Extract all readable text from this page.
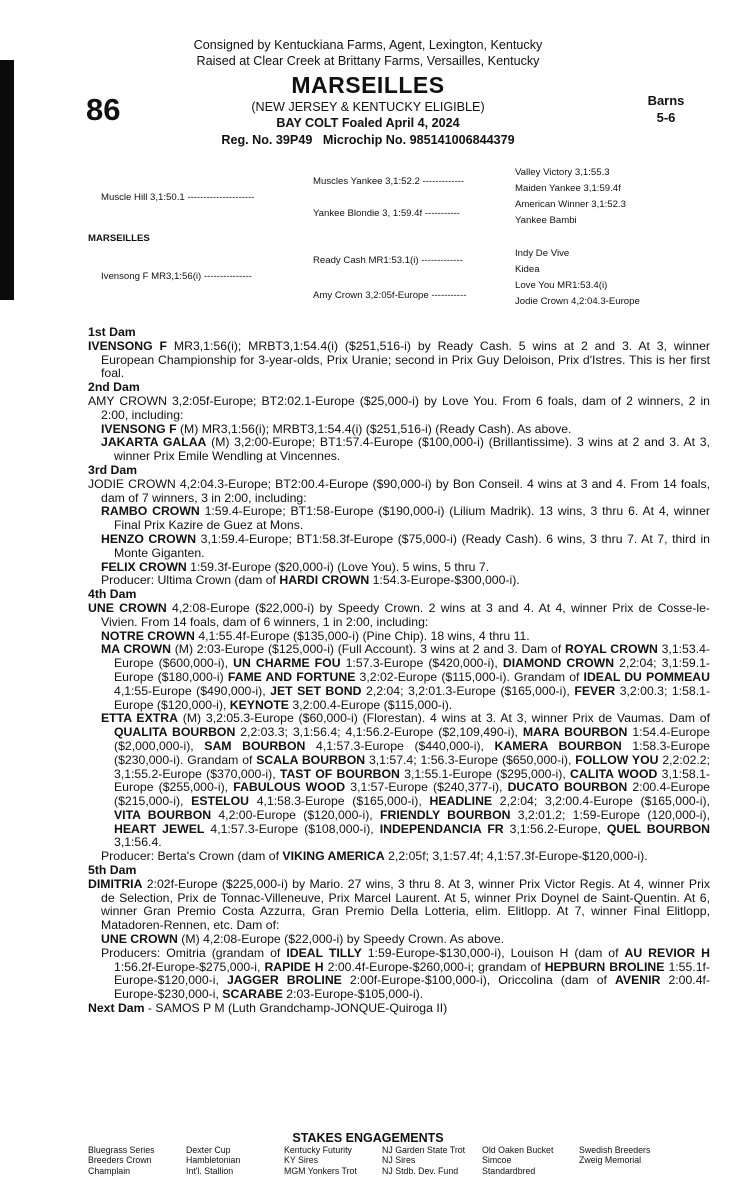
Consigned by Kentuckiana Farms, Agent, Lexington, Kentucky
Raised at Clear Creek at Brittany Farms, Versailles, Kentucky
86
MARSEILLES
(NEW JERSEY & KENTUCKY ELIGIBLE)
BAY COLT Foaled April 4, 2024
Reg. No. 39P49   Microchip No. 985141006844379
Barns
5-6
Muscle Hill 3,1:50.1 ---------------------
MARSEILLES
Ivensong F MR3,1:56(i) ---------------
Muscles Yankee 3,1:52.2 -------------
Yankee Blondie 3, 1:59.4f -----------
Ready Cash MR1:53.1(i) -------------
Amy Crown 3,2:05f-Europe -----------
Valley Victory 3,1:55.3
Maiden Yankee 3,1:59.4f
American Winner 3,1:52.3
Yankee Bambi
Indy De Vive
Kidea
Love You MR1:53.4(i)
Jodie Crown 4,2:04.3-Europe
1st Dam

IVENSONG F MR3,1:56(i); MRBT3,1:54.4(i) ($251,516-i) by Ready Cash. 5 wins at 2 and 3. At 3, winner European Championship for 3-year-olds, Prix Uranie; second in Prix Guy Deloison, Prix d'Istres. This is her first foal.

2nd Dam

AMY CROWN 3,2:05f-Europe; BT2:02.1-Europe ($25,000-i) by Love You. From 6 foals, dam of 2 winners, 2 in 2:00, including:

IVENSONG F (M) MR3,1:56(i); MRBT3,1:54.4(i) ($251,516-i) (Ready Cash). As above.

JAKARTA GALAA (M) 3,2:00-Europe; BT1:57.4-Europe ($100,000-i) (Brillantissime). 3 wins at 2 and 3. At 3, winner Prix Emile Wendling at Vincennes.

3rd Dam

JODIE CROWN 4,2:04.3-Europe; BT2:00.4-Europe ($90,000-i) by Bon Conseil. 4 wins at 3 and 4. From 14 foals, dam of 7 winners, 3 in 2:00, including:

RAMBO CROWN 1:59.4-Europe; BT1:58-Europe ($190,000-i) (Lilium Madrik). 13 wins, 3 thru 6. At 4, winner Final Prix Kazire de Guez at Mons.

HENZO CROWN 3,1:59.4-Europe; BT1:58.3f-Europe ($75,000-i) (Ready Cash). 6 wins, 3 thru 7. At 7, third in Monte Giganten.

FELIX CROWN 1:59.3f-Europe ($20,000-i) (Love You). 5 wins, 5 thru 7.

Producer: Ultima Crown (dam of HARDI CROWN 1:54.3-Europe-$300,000-i).

4th Dam

UNE CROWN 4,2:08-Europe ($22,000-i) by Speedy Crown. 2 wins at 3 and 4. At 4, winner Prix de Cosse-le-Vivien. From 14 foals, dam of 6 winners, 1 in 2:00, including:

NOTRE CROWN 4,1:55.4f-Europe ($135,000-i) (Pine Chip). 18 wins, 4 thru 11.

MA CROWN (M) 2:03-Europe ($125,000-i) (Full Account). 3 wins at 2 and 3. Dam of ROYAL CROWN 3,1:53.4-Europe ($600,000-i), UN CHARME FOU 1:57.3-Europe ($420,000-i), DIAMOND CROWN 2,2:04; 3,1:59.1-Europe ($180,000-i) FAME AND FORTUNE 3,2:02-Europe ($115,000-i). Grandam of IDEAL DU POMMEAU 4,1:55-Europe ($490,000-i), JET SET BOND 2,2:04; 3,2:01.3-Europe ($165,000-i), FEVER 3,2:00.3; 1:58.1-Europe ($120,000-i), KEYNOTE 3,2:00.4-Europe ($115,000-i).

ETTA EXTRA (M) 3,2:05.3-Europe ($60,000-i) (Florestan). 4 wins at 3. At 3, winner Prix de Vaumas. Dam of QUALITA BOURBON 2,2:03.3; 3,1:56.4; 4,1:56.2-Europe ($2,109,490-i), MARA BOURBON 1:54.4-Europe ($2,000,000-i), SAM BOURBON 4,1:57.3-Europe ($440,000-i), KAMERA BOURBON 1:58.3-Europe ($230,000-i). Grandam of SCALA BOURBON 3,1:57.4; 1:56.3-Europe ($650,000-i), FOLLOW YOU 2,2:02.2; 3,1:55.2-Europe ($370,000-i), TAST OF BOURBON 3,1:55.1-Europe ($295,000-i), CALITA WOOD 3,1:58.1-Europe ($255,000-i), FABULOUS WOOD 3,1:57-Europe ($240,377-i), DUCATO BOURBON 2:00.4-Europe ($215,000-i), ESTELOU 4,1:58.3-Europe ($165,000-i), HEADLINE 2,2:04; 3,2:00.4-Europe ($165,000-i), VITA BOURBON 4,2:00-Europe ($120,000-i), FRIENDLY BOURBON 3,2:01.2; 1:59-Europe (120,000-i), HEART JEWEL 4,1:57.3-Europe ($108,000-i), INDEPENDANCIA FR 3,1:56.2-Europe, QUEL BOURBON 3,1:56.4.

Producer: Berta's Crown (dam of VIKING AMERICA 2,2:05f; 3,1:57.4f; 4,1:57.3f-Europe-$120,000-i).

5th Dam

DIMITRIA 2:02f-Europe ($225,000-i) by Mario. 27 wins, 3 thru 8. At 3, winner Prix Victor Regis. At 4, winner Prix de Selection, Prix de Tonnac-Villeneuve, Prix Marcel Laurent. At 5, winner Prix Doynel de Saint-Quentin. At 6, winner Gran Premio Costa Azzurra, Gran Premio Della Lotteria, elim. Elitlopp. At 7, winner Final Elitlopp, Matadoren-Rennen, etc. Dam of:

UNE CROWN (M) 4,2:08-Europe ($22,000-i) by Speedy Crown. As above.

Producers: Omitria (grandam of IDEAL TILLY 1:59-Europe-$130,000-i), Louison H (dam of AU REVIOR H 1:56.2f-Europe-$275,000-i, RAPIDE H 2:00.4f-Europe-$260,000-i; grandam of HEPBURN BROLINE 1:55.1f-Europe-$120,000-i, JAGGER BROLINE 2:00f-Europe-$100,000-i), Oriccolina (dam of AVENIR 2:00.4f-Europe-$230,000-i, SCARABE 2:03-Europe-$105,000-i).

Next Dam - SAMOS P M (Luth Grandchamp-JONQUE-Quiroga II)

STAKES ENGAGEMENTS
Bluegrass Series
Breeders Crown
Champlain
Dexter Cup
Hambletonian
Int'l. Stallion
Kentucky Futurity
KY Sires
MGM Yonkers Trot
NJ Garden State Trot
NJ Sires
NJ Stdb. Dev. Fund
Old Oaken Bucket
Simcoe
Standardbred
Swedish Breeders
Zweig Memorial
